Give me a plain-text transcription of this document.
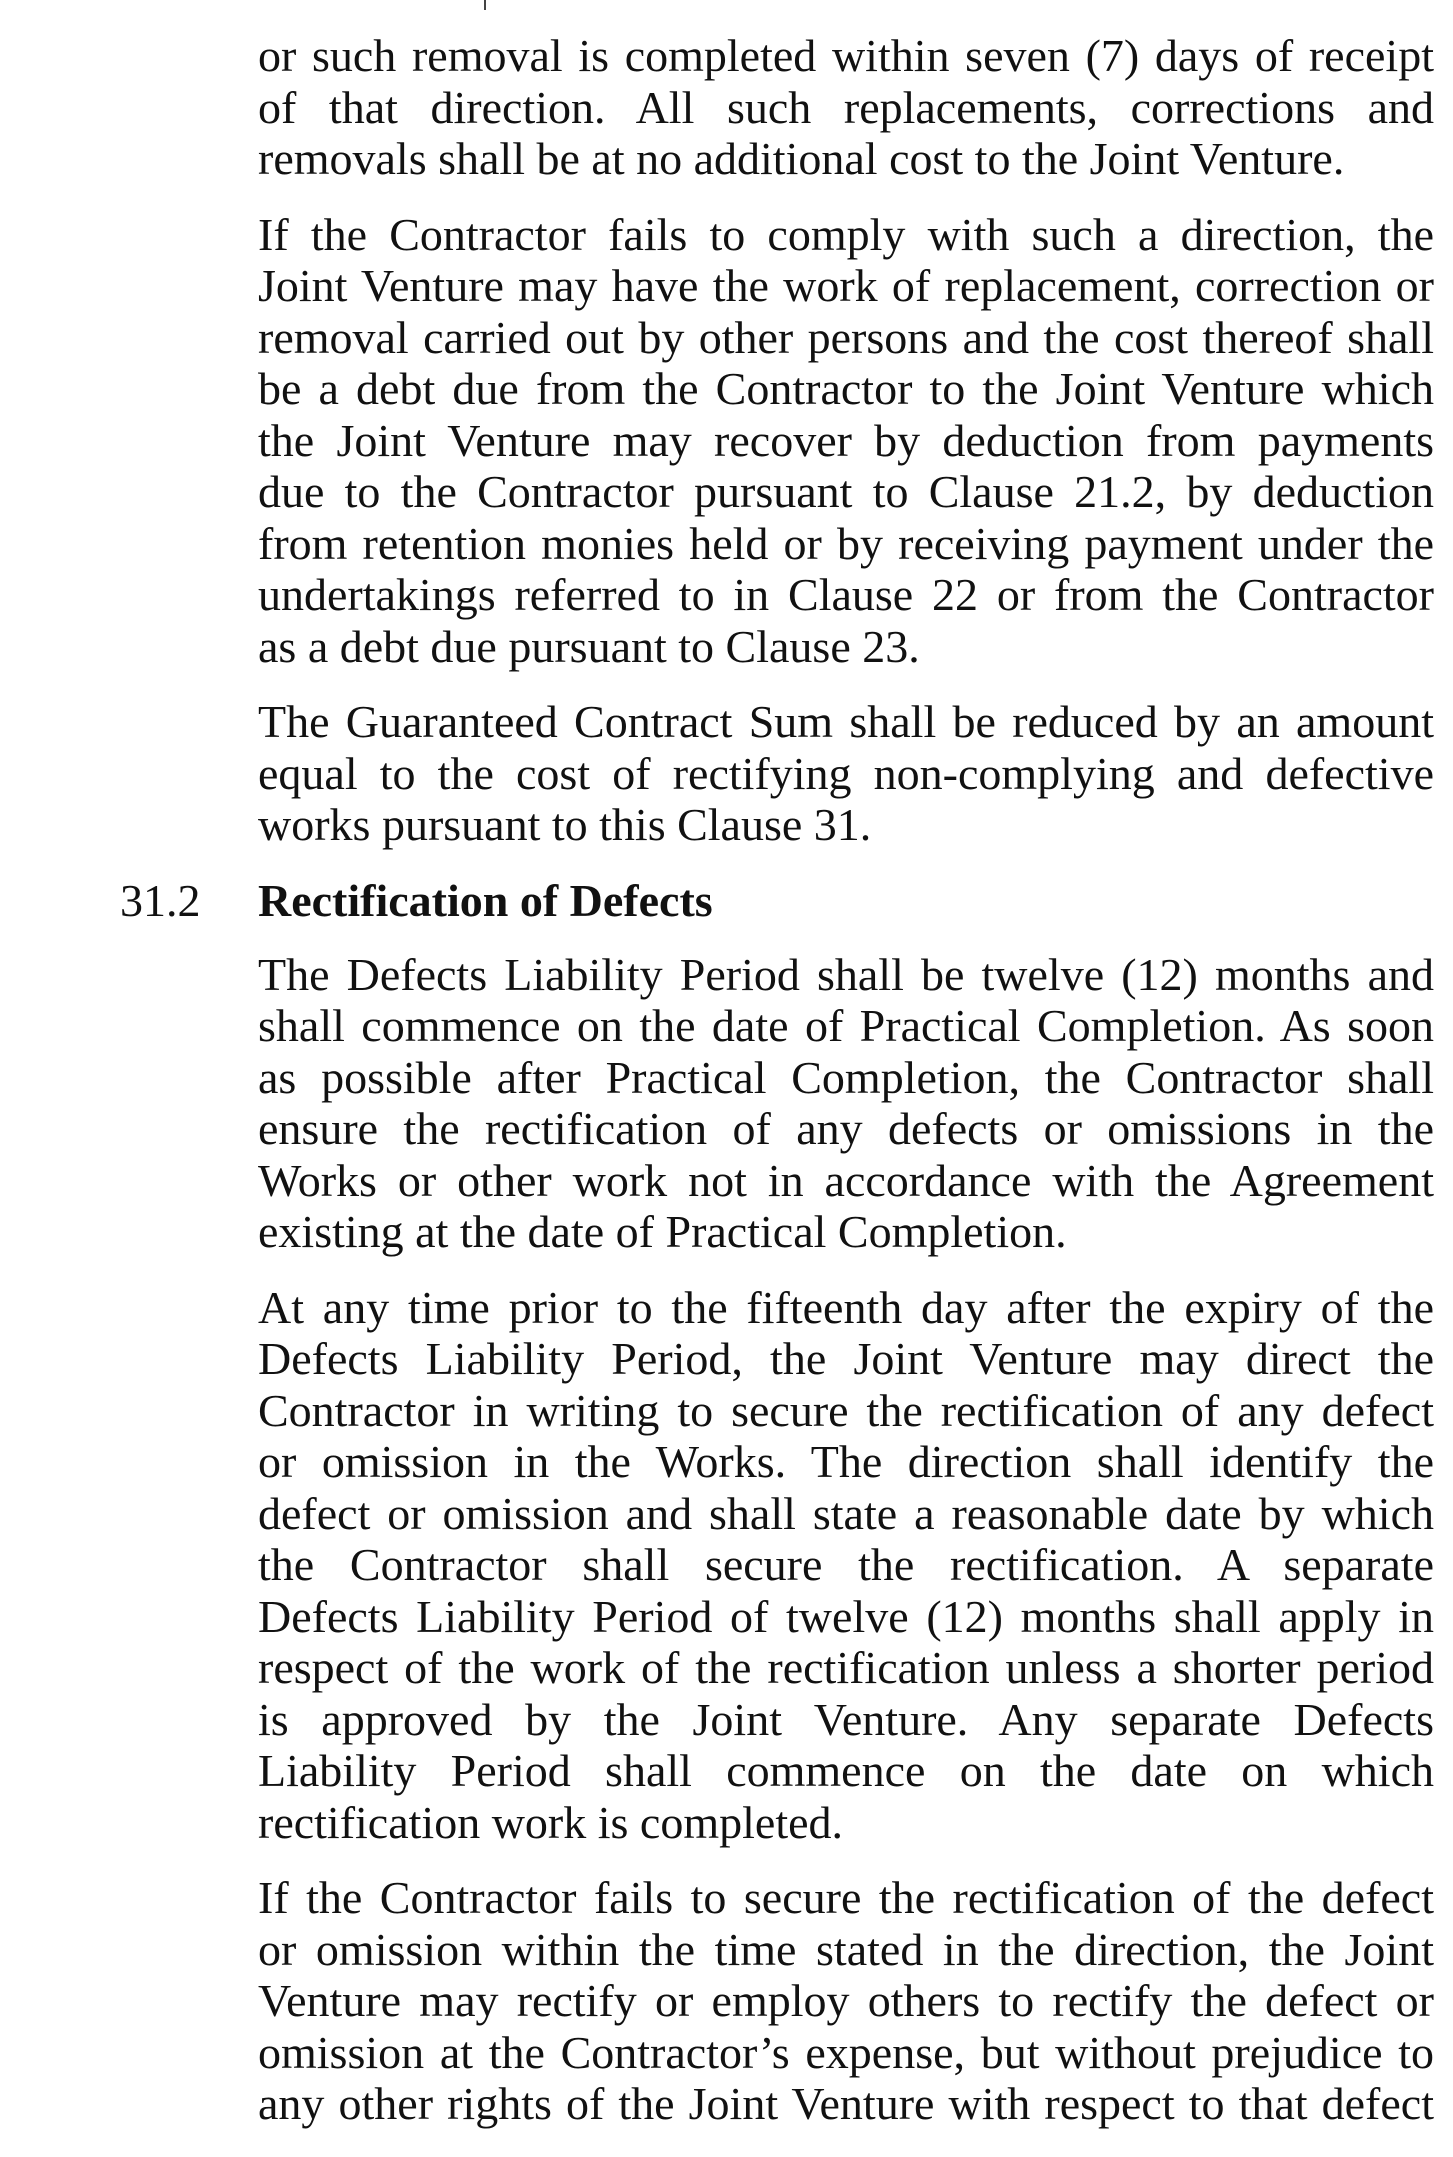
or such removal is completed within seven (7) days of receipt
of that direction. All such replacements, corrections and
removals shall be at no additional cost to the Joint Venture.
If the Contractor fails to comply with such a direction, the
Joint Venture may have the work of replacement, correction or
removal carried out by other persons and the cost thereof shall
be a debt due from the Contractor to the Joint Venture which
the Joint Venture may recover by deduction from payments
due to the Contractor pursuant to Clause 21.2, by deduction
from retention monies held or by receiving payment under the
undertakings referred to in Clause 22 or from the Contractor
as a debt due pursuant to Clause 23.
The Guaranteed Contract Sum shall be reduced by an amount
equal to the cost of rectifying non-complying and defective
works pursuant to this Clause 31.
31.2 Rectification of Defects
The Defects Liability Period shall be twelve (12) months and
shall commence on the date of Practical Completion. As soon
as possible after Practical Completion, the Contractor shall
ensure the rectification of any defects or omissions in the
Works or other work not in accordance with the Agreement
existing at the date of Practical Completion.
At any time prior to the fifteenth day after the expiry of the
Defects Liability Period, the Joint Venture may direct the
Contractor in writing to secure the rectification of any defect
or omission in the Works. The direction shall identify the
defect or omission and shall state a reasonable date by which
the Contractor shall secure the rectification. A separate
Defects Liability Period of twelve (12) months shall apply in
respect of the work of the rectification unless a shorter period
is approved by the Joint Venture. Any separate Defects
Liability Period shall commence on the date on which
rectification work is completed.
If the Contractor fails to secure the rectification of the defect
or omission within the time stated in the direction, the Joint
Venture may rectify or employ others to rectify the defect or
omission at the Contractor’s expense, but without prejudice to
any other rights of the Joint Venture with respect to that defect
